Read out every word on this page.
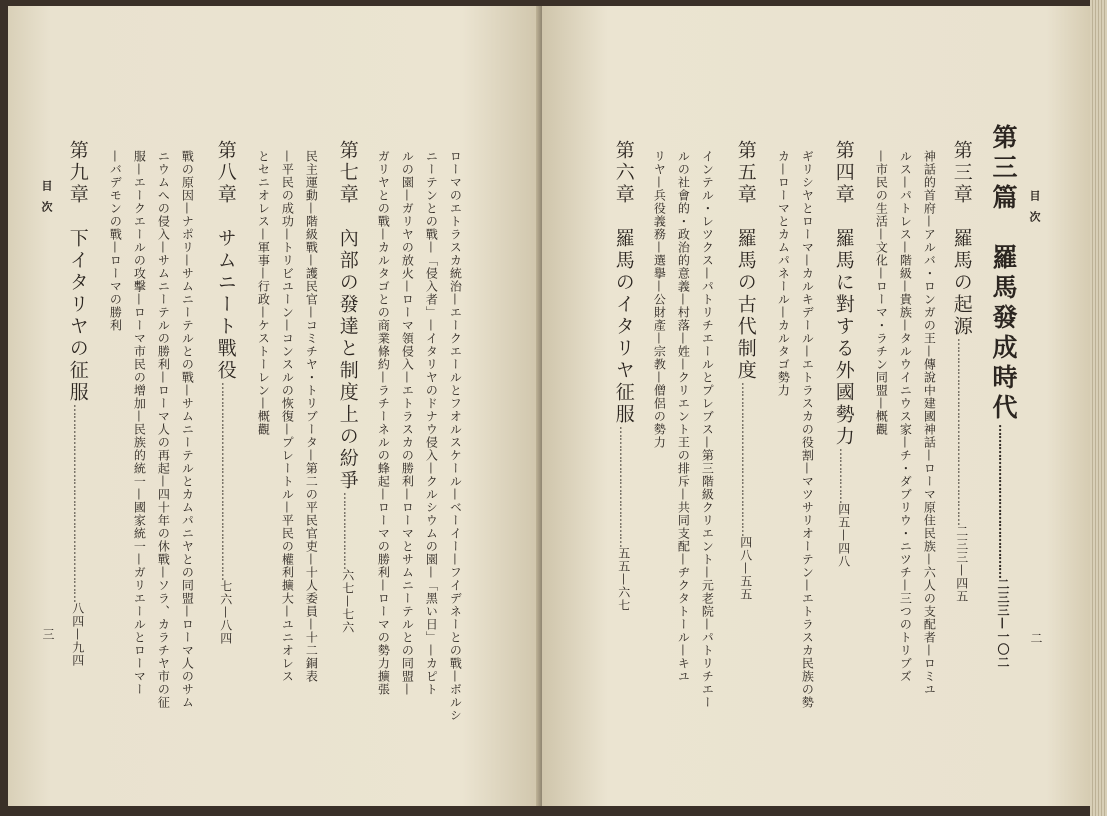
目次
二
第三篇　羅馬發成時代……………………………………二三三—一〇二
第三章　羅馬の起源……………………………………………二三三—四五
神話的首府—アルバ・ロンガの王—傳說中建國神話—ローマ原住民族—六人の支配者—ロミユ
ルス—パトレス—階級—貴族—タルウイニウス家—チ・ダブリウ・ニツチ—三つのトリブズ
—市民の生活—文化—ローマ・ラチン同盟—概觀
第四章　羅馬に對する外國勢力……………四五—四八
ギリシヤとローマ—カルキデール—エトラスカの役割—マツサリオーテン—エトラスカ民族の勢
カ—ローマとカムパネール—カルタゴ勢力
第五章　羅馬の古代制度……………………………………四八—五五
インテル・レツクス—パトリチエールとプレブス—第三階級クリエント—元老院—パトリチエー
ルの社會的・政治的意義—村落—姓—クリエント王の排斥—共同支配—ヂクタトール—キユ
リヤ—兵役義務—選擧—公財產—宗教—僧侶の勢力
第六章　羅馬のイタリヤ征服……………………………五五—六七
ローマのエトラスカ統治—エークエールとフオルスケール—ベーイー—フイデネーとの戰—ボルシ
ニーテンとの戰—「侵入者」—イタリヤのドナウ侵入—クルシウムの園—「黑い日」—カピト
ルの園—ガリヤの放火—ローマ領侵入—エトラスカの勝利—ローマとサムニーテルとの同盟—
ガリヤとの戰—カルタゴとの商業條約—ラチーネルの蜂起—ローマの勝利—ローマの勢力擴張
第七章　內部の發達と制度上の紛爭…………………六七—七六
民主運動—階級戰—護民官—コミチヤ・トリブータ—第二の平民官吏—十人委員—十二銅表
—平民の成功—トリビユーン—コンスルの恢復—プレートル—平民の權利擴大—ユニオレス
とセニオレス—軍事—行政—ケストーレン—概觀
第八章　サムニート戰役………………………………………………七六—八四
戰の原因—ナポリ—サムニーテルとの戰—サムニーテルとカムパニヤとの同盟—ローマ人のサム
ニウムへの侵入—サムニーテルの勝利—ローマ人の再起—四十年の休戰—ソラ、カラチヤ市の征
服—エークエールの攻擊—ローマ市民の增加—民族的統一—國家統一—ガリエールとローマー
—バデモンの戰—ローマの勝利
第九章　下イタリヤの征服………………………………………………八四—九四
目次
三
